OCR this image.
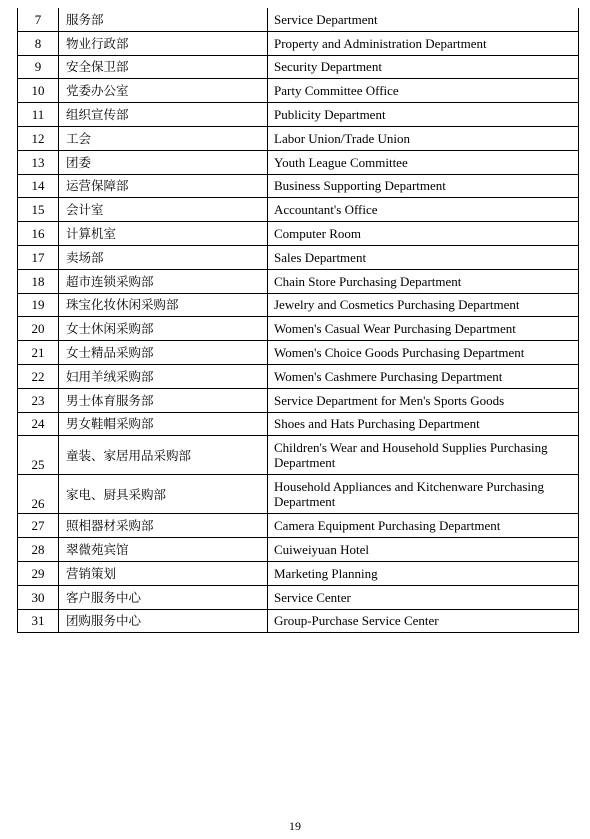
7	服务部	Service Department
8	物业行政部	Property and Administration Department
9	安全保卫部	Security Department
10	党委办公室	Party Committee Office
11	组织宣传部	Publicity Department
12	工会	Labor Union/Trade Union
13	团委	Youth League Committee
14	运营保障部	Business Supporting Department
15	会计室	Accountant's Office
16	计算机室	Computer Room
17	卖场部	Sales Department
18	超市连锁采购部	Chain Store Purchasing Department
19	珠宝化妆休闲采购部	Jewelry and Cosmetics Purchasing Department
20	女士休闲采购部	Women's Casual Wear Purchasing Department
21	女士精品采购部	Women's Choice Goods Purchasing Department
22	妇用羊绒采购部	Women's Cashmere Purchasing Department
23	男士体育服务部	Service Department for Men's Sports Goods
24	男女鞋帽采购部	Shoes and Hats Purchasing Department
25	童装、家居用品采购部	Children's Wear and Household Supplies Purchasing Department
26	家电、厨具采购部	Household Appliances and Kitchenware Purchasing Department
27	照相器材采购部	Camera Equipment Purchasing Department
28	翠微苑宾馆	Cuiweiyuan Hotel
29	营销策划	Marketing Planning
30	客户服务中心	Service Center
31	团购服务中心	Group-Purchase Service Center
19
